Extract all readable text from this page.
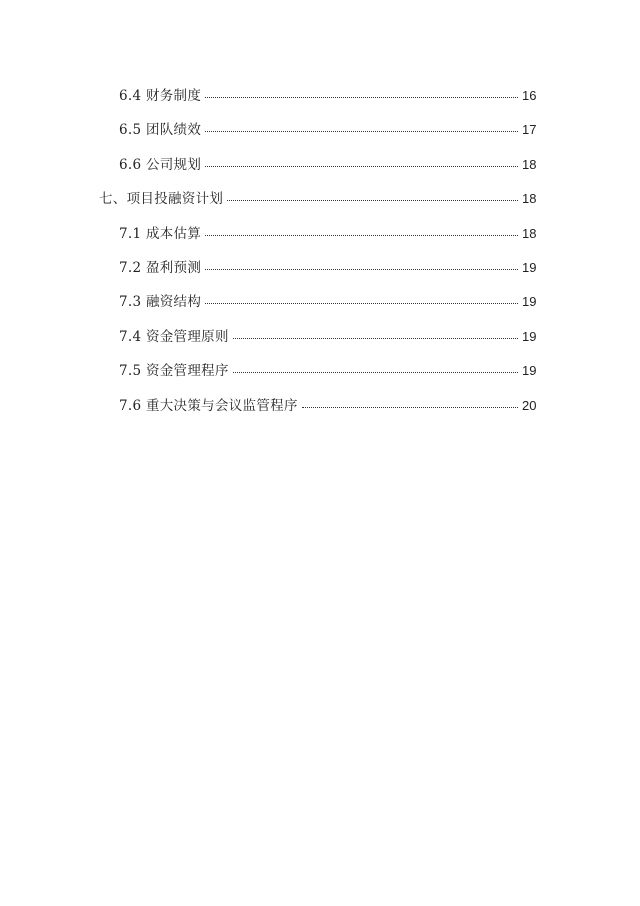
6.4 财务制度	16
6.5 团队绩效	17
6.6 公司规划	18
七、项目投融资计划	18
7.1 成本估算	18
7.2 盈利预测	19
7.3 融资结构	19
7.4 资金管理原则	19
7.5 资金管理程序	19
7.6 重大决策与会议监管程序	20
